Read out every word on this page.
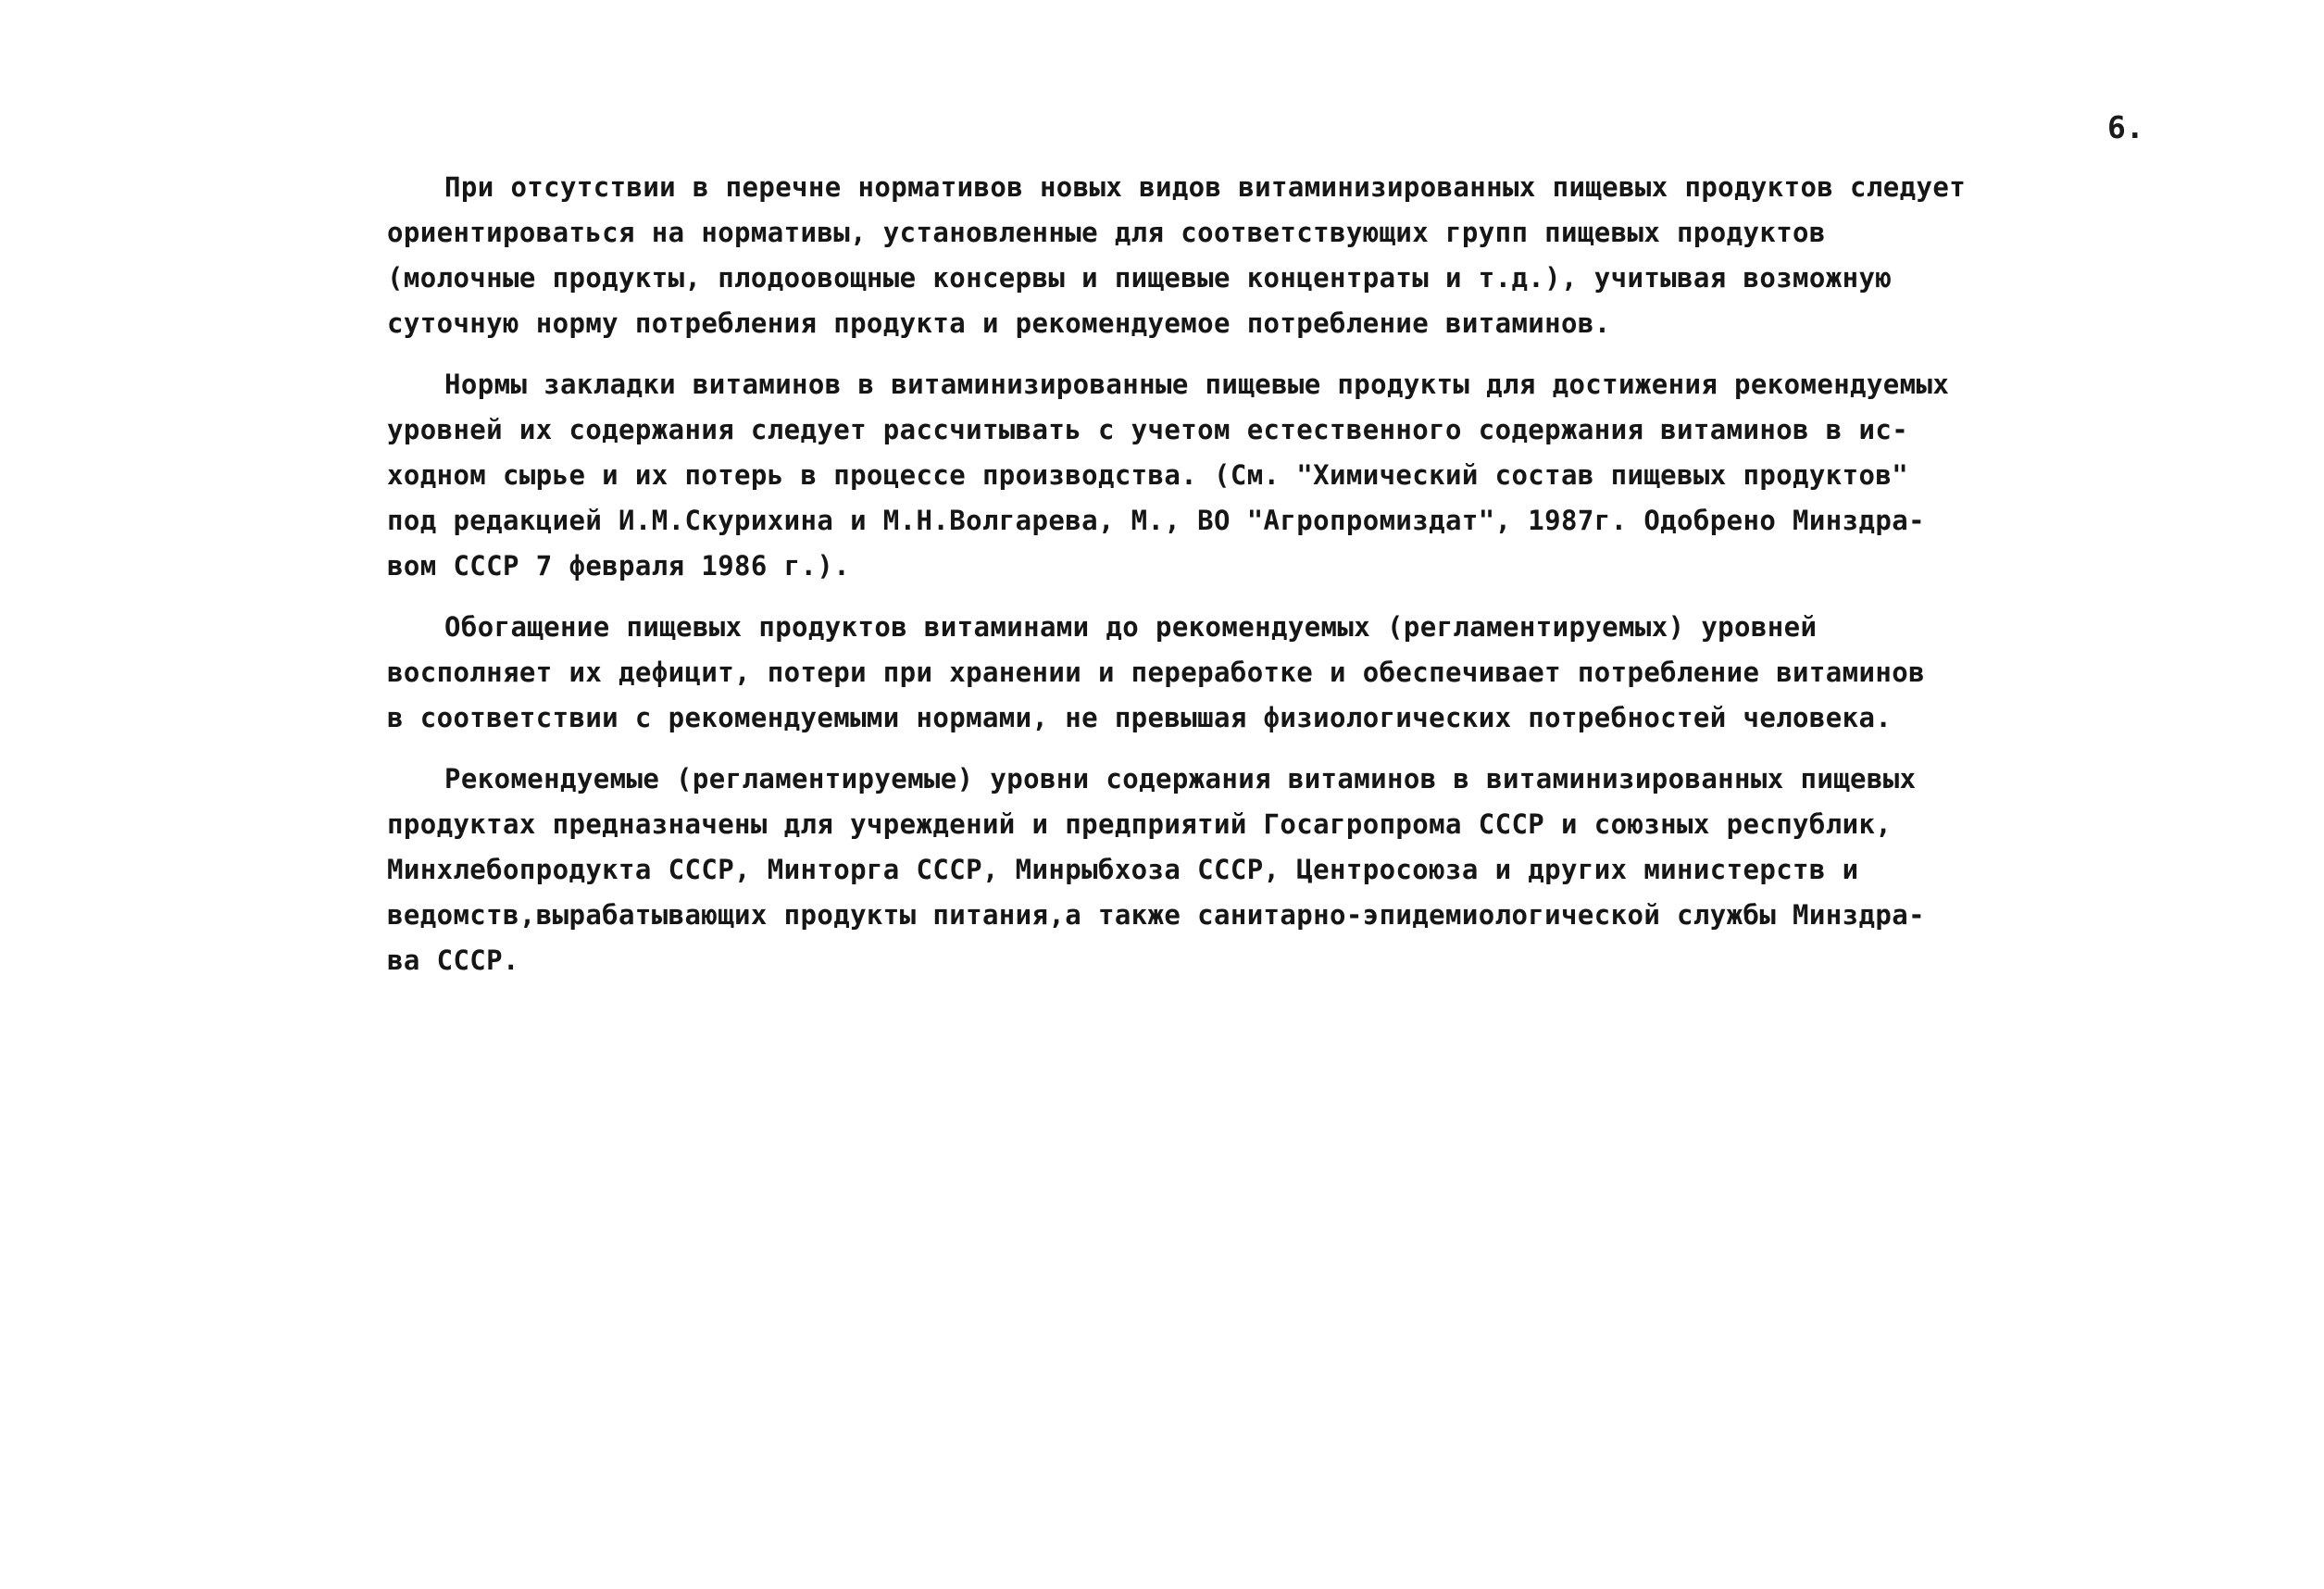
6.
При отсутствии в перечне нормативов новых видов витаминизированных пищевых продуктов следует
ориентироваться на нормативы, установленные для соответствующих групп пищевых продуктов
(молочные продукты, плодоовощные консервы и пищевые концентраты и т.д.), учитывая возможную
суточную норму потребления продукта и рекомендуемое потребление витаминов.
Нормы закладки витаминов в витаминизированные пищевые продукты для достижения рекомендуемых
уровней их содержания следует рассчитывать с учетом естественного содержания витаминов в ис-
ходном сырье и их потерь в процессе производства. (См. "Химический состав пищевых продуктов"
под редакцией И.М.Скурихина и М.Н.Волгарева, М., ВО "Агропромиздат", 1987г. Одобрено Минздра-
вом СССР 7 февраля 1986 г.).
Обогащение пищевых продуктов витаминами до рекомендуемых (регламентируемых) уровней
восполняет их дефицит, потери при хранении и переработке и обеспечивает потребление витаминов
в соответствии с рекомендуемыми нормами, не превышая физиологических потребностей человека.
Рекомендуемые (регламентируемые) уровни содержания витаминов в витаминизированных пищевых
продуктах предназначены для учреждений и предприятий Госагропрома СССР и союзных республик,
Минхлебопродукта СССР, Минторга СССР, Минрыбхоза СССР, Центросоюза и других министерств и
ведомств,вырабатывающих продукты питания,а также санитарно-эпидемиологической службы Минздра-
ва СССР.
